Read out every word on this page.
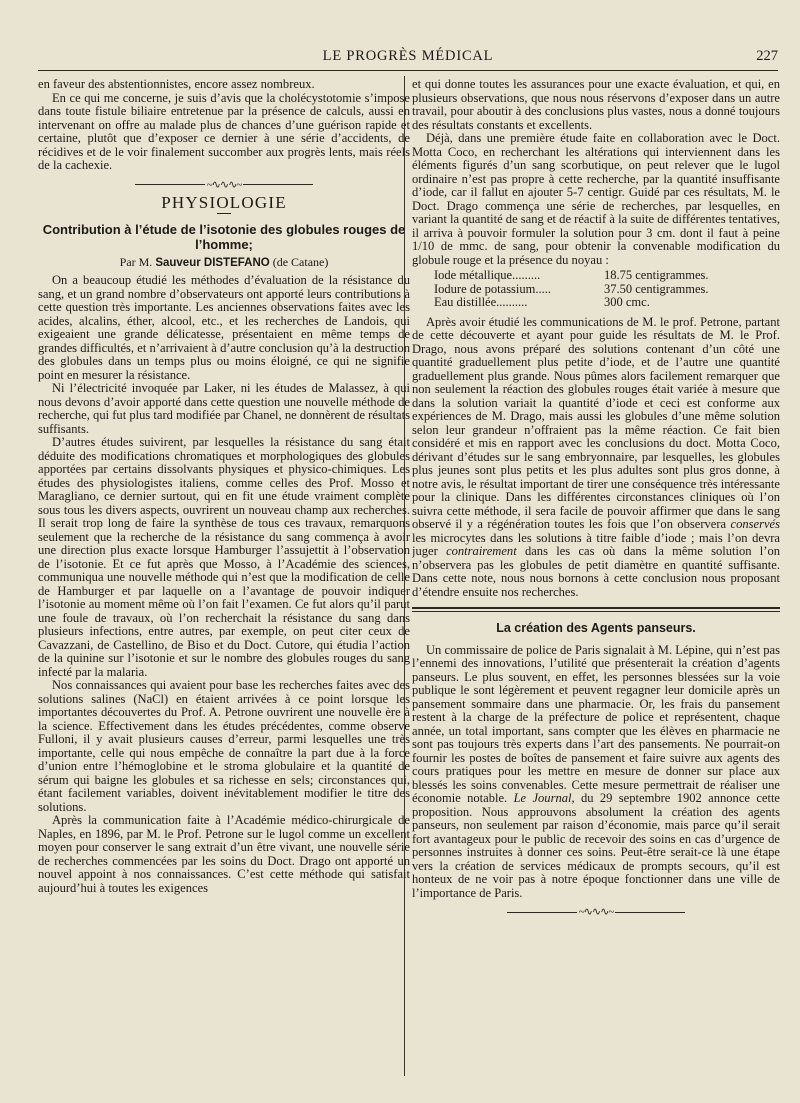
LE PROGRÈS MÉDICAL	227

en faveur des abstentionnistes, encore assez nombreux.

En ce qui me concerne, je suis d’avis que la cholécystotomie s’impose dans toute fistule biliaire entretenue par la présence de calculs, aussi en intervenant on offre au malade plus de chances d’une guérison rapide et certaine, plutôt que d’exposer ce dernier à une série d’accidents, de récidives et de le voir finalement succomber aux progrès lents, mais réels de la cachexie.

~∿∿∿~
PHYSIOLOGIE
Contribution à l’étude de l’isotonie des globules rouges de l’homme;
Par M. Sauveur DISTEFANO (de Catane)

On a beaucoup étudié les méthodes d’évaluation de la résistance du sang, et un grand nombre d’observateurs ont apporté leurs contributions à cette question très importante. Les anciennes observations faites avec les acides, alcalins, éther, alcool, etc., et les recherches de Landois, qui exigeaient une grande délicatesse, présentaient en même temps de grandes difficultés, et n’arrivaient à d’autre conclusion qu’à la destruction des globules dans un temps plus ou moins éloigné, ce qui ne signifie point en mesurer la résistance.

Ni l’électricité invoquée par Laker, ni les études de Malassez, à qui nous devons d’avoir apporté dans cette question une nouvelle méthode de recherche, qui fut plus tard modifiée par Chanel, ne donnèrent de résultats suffisants.

D’autres études suivirent, par lesquelles la résistance du sang était déduite des modifications chromatiques et morphologiques des globules apportées par certains dissolvants physiques et physico-chimiques. Les études des physiologistes italiens, comme celles des Prof. Mosso et Maragliano, ce dernier surtout, qui en fit une étude vraiment complète sous tous les divers aspects, ouvrirent un nouveau champ aux recherches. Il serait trop long de faire la synthèse de tous ces travaux, remarquons seulement que la recherche de la résistance du sang commença à avoir une direction plus exacte lorsque Hamburger l’assujettit à l’observation de l’isotonie. Et ce fut après que Mosso, à l’Académie des sciences, communiqua une nouvelle méthode qui n’est que la modification de celle de Hamburger et par laquelle on a l’avantage de pouvoir indiquer l’isotonie au moment même où l’on fait l’examen. Ce fut alors qu’il parut une foule de travaux, où l’on recherchait la résistance du sang dans plusieurs infections, entre autres, par exemple, on peut citer ceux de Cavazzani, de Castellino, de Biso et du Doct. Cutore, qui étudia l’action de la quinine sur l’isotonie et sur le nombre des globules rouges du sang infecté par la malaria.

Nos connaissances qui avaient pour base les recherches faites avec des solutions salines (NaCl) en étaient arrivées à ce point lorsque les importantes découvertes du Prof. A. Petrone ouvrirent une nouvelle ère à la science. Effectivement dans les études précédentes, comme observe Fulloni, il y avait plusieurs causes d’erreur, parmi lesquelles une très importante, celle qui nous empêche de connaître la part due à la force d’union entre l’hémoglobine et le stroma globulaire et la quantité de sérum qui baigne les globules et sa richesse en sels; circonstances qui, étant facilement variables, doivent inévitablement modifier le titre des solutions.

Après la communication faite à l’Académie médico-chirurgicale de Naples, en 1896, par M. le Prof. Petrone sur le lugol comme un excellent moyen pour conserver le sang extrait d’un être vivant, une nouvelle série de recherches commencées par les soins du Doct. Drago ont apporté un nouvel appoint à nos connaissances. C’est cette méthode qui satisfait aujourd’hui à toutes les exigences

et qui donne toutes les assurances pour une exacte évaluation, et qui, en plusieurs observations, que nous nous réservons d’exposer dans un autre travail, pour aboutir à des conclusions plus vastes, nous a donné toujours des résultats constants et excellents.

Déjà, dans une première étude faite en collaboration avec le Doct. Motta Coco, en recherchant les altérations qui interviennent dans les éléments figurés d’un sang scorbutique, on peut relever que le lugol ordinaire n’est pas propre à cette recherche, par la quantité insuffisante d’iode, car il fallut en ajouter 5-7 centigr. Guidé par ces résultats, M. le Doct. Drago commença une série de recherches, par lesquelles, en variant la quantité de sang et de réactif à la suite de différentes tentatives, il arriva à pouvoir formuler la solution pour 3 cm. dont il faut à peine 1/10 de mmc. de sang, pour obtenir la convenable modification du globule rouge et la présence du noyau :

Iode métallique.........	18.75 centigrammes.
Iodure de potassium.....	37.50 centigrammes.
Eau distillée..........	300 cmc.

Après avoir étudié les communications de M. le prof. Petrone, partant de cette découverte et ayant pour guide les résultats de M. le Prof. Drago, nous avons préparé des solutions contenant d’un côté une quantité graduellement plus petite d’iode, et de l’autre une quantité graduellement plus grande. Nous pûmes alors facilement remarquer que non seulement la réaction des globules rouges était variée à mesure que dans la solution variait la quantité d’iode et ceci est conforme aux expériences de M. Drago, mais aussi les globules d’une même solution selon leur grandeur n’offraient pas la même réaction. Ce fait bien considéré et mis en rapport avec les conclusions du doct. Motta Coco, dérivant d’études sur le sang embryonnaire, par lesquelles, les globules plus jeunes sont plus petits et les plus adultes sont plus gros donne, à notre avis, le résultat important de tirer une conséquence très intéressante pour la clinique. Dans les différentes circonstances cliniques où l’on suivra cette méthode, il sera facile de pouvoir affirmer que dans le sang observé il y a régénération toutes les fois que l’on observera conservés les microcytes dans les solutions à titre faible d’iode ; mais l’on devra juger contrairement dans les cas où dans la même solution l’on n’observera pas les globules de petit diamètre en quantité suffisante. Dans cette note, nous nous bornons à cette conclusion nous proposant d’étendre ensuite nos recherches.

La création des Agents panseurs.

Un commissaire de police de Paris signalait à M. Lépine, qui n’est pas l’ennemi des innovations, l’utilité que présenterait la création d’agents panseurs. Le plus souvent, en effet, les personnes blessées sur la voie publique le sont légèrement et peuvent regagner leur domicile après un pansement sommaire dans une pharmacie. Or, les frais du pansement restent à la charge de la préfecture de police et représentent, chaque année, un total important, sans compter que les élèves en pharmacie ne sont pas toujours très experts dans l’art des pansements. Ne pourrait-on fournir les postes de boîtes de pansement et faire suivre aux agents des cours pratiques pour les mettre en mesure de donner sur place aux blessés les soins convenables. Cette mesure permettrait de réaliser une économie notable. Le Journal, du 29 septembre 1902 annonce cette proposition. Nous approuvons absolument la création des agents panseurs, non seulement par raison d’économie, mais parce qu’il serait fort avantageux pour le public de recevoir des soins en cas d’urgence de personnes instruites à donner ces soins. Peut-être serait-ce là une étape vers la création de services médicaux de prompts secours, qu’il est honteux de ne voir pas à notre époque fonctionner dans une ville de l’importance de Paris.

~∿∿∿~
